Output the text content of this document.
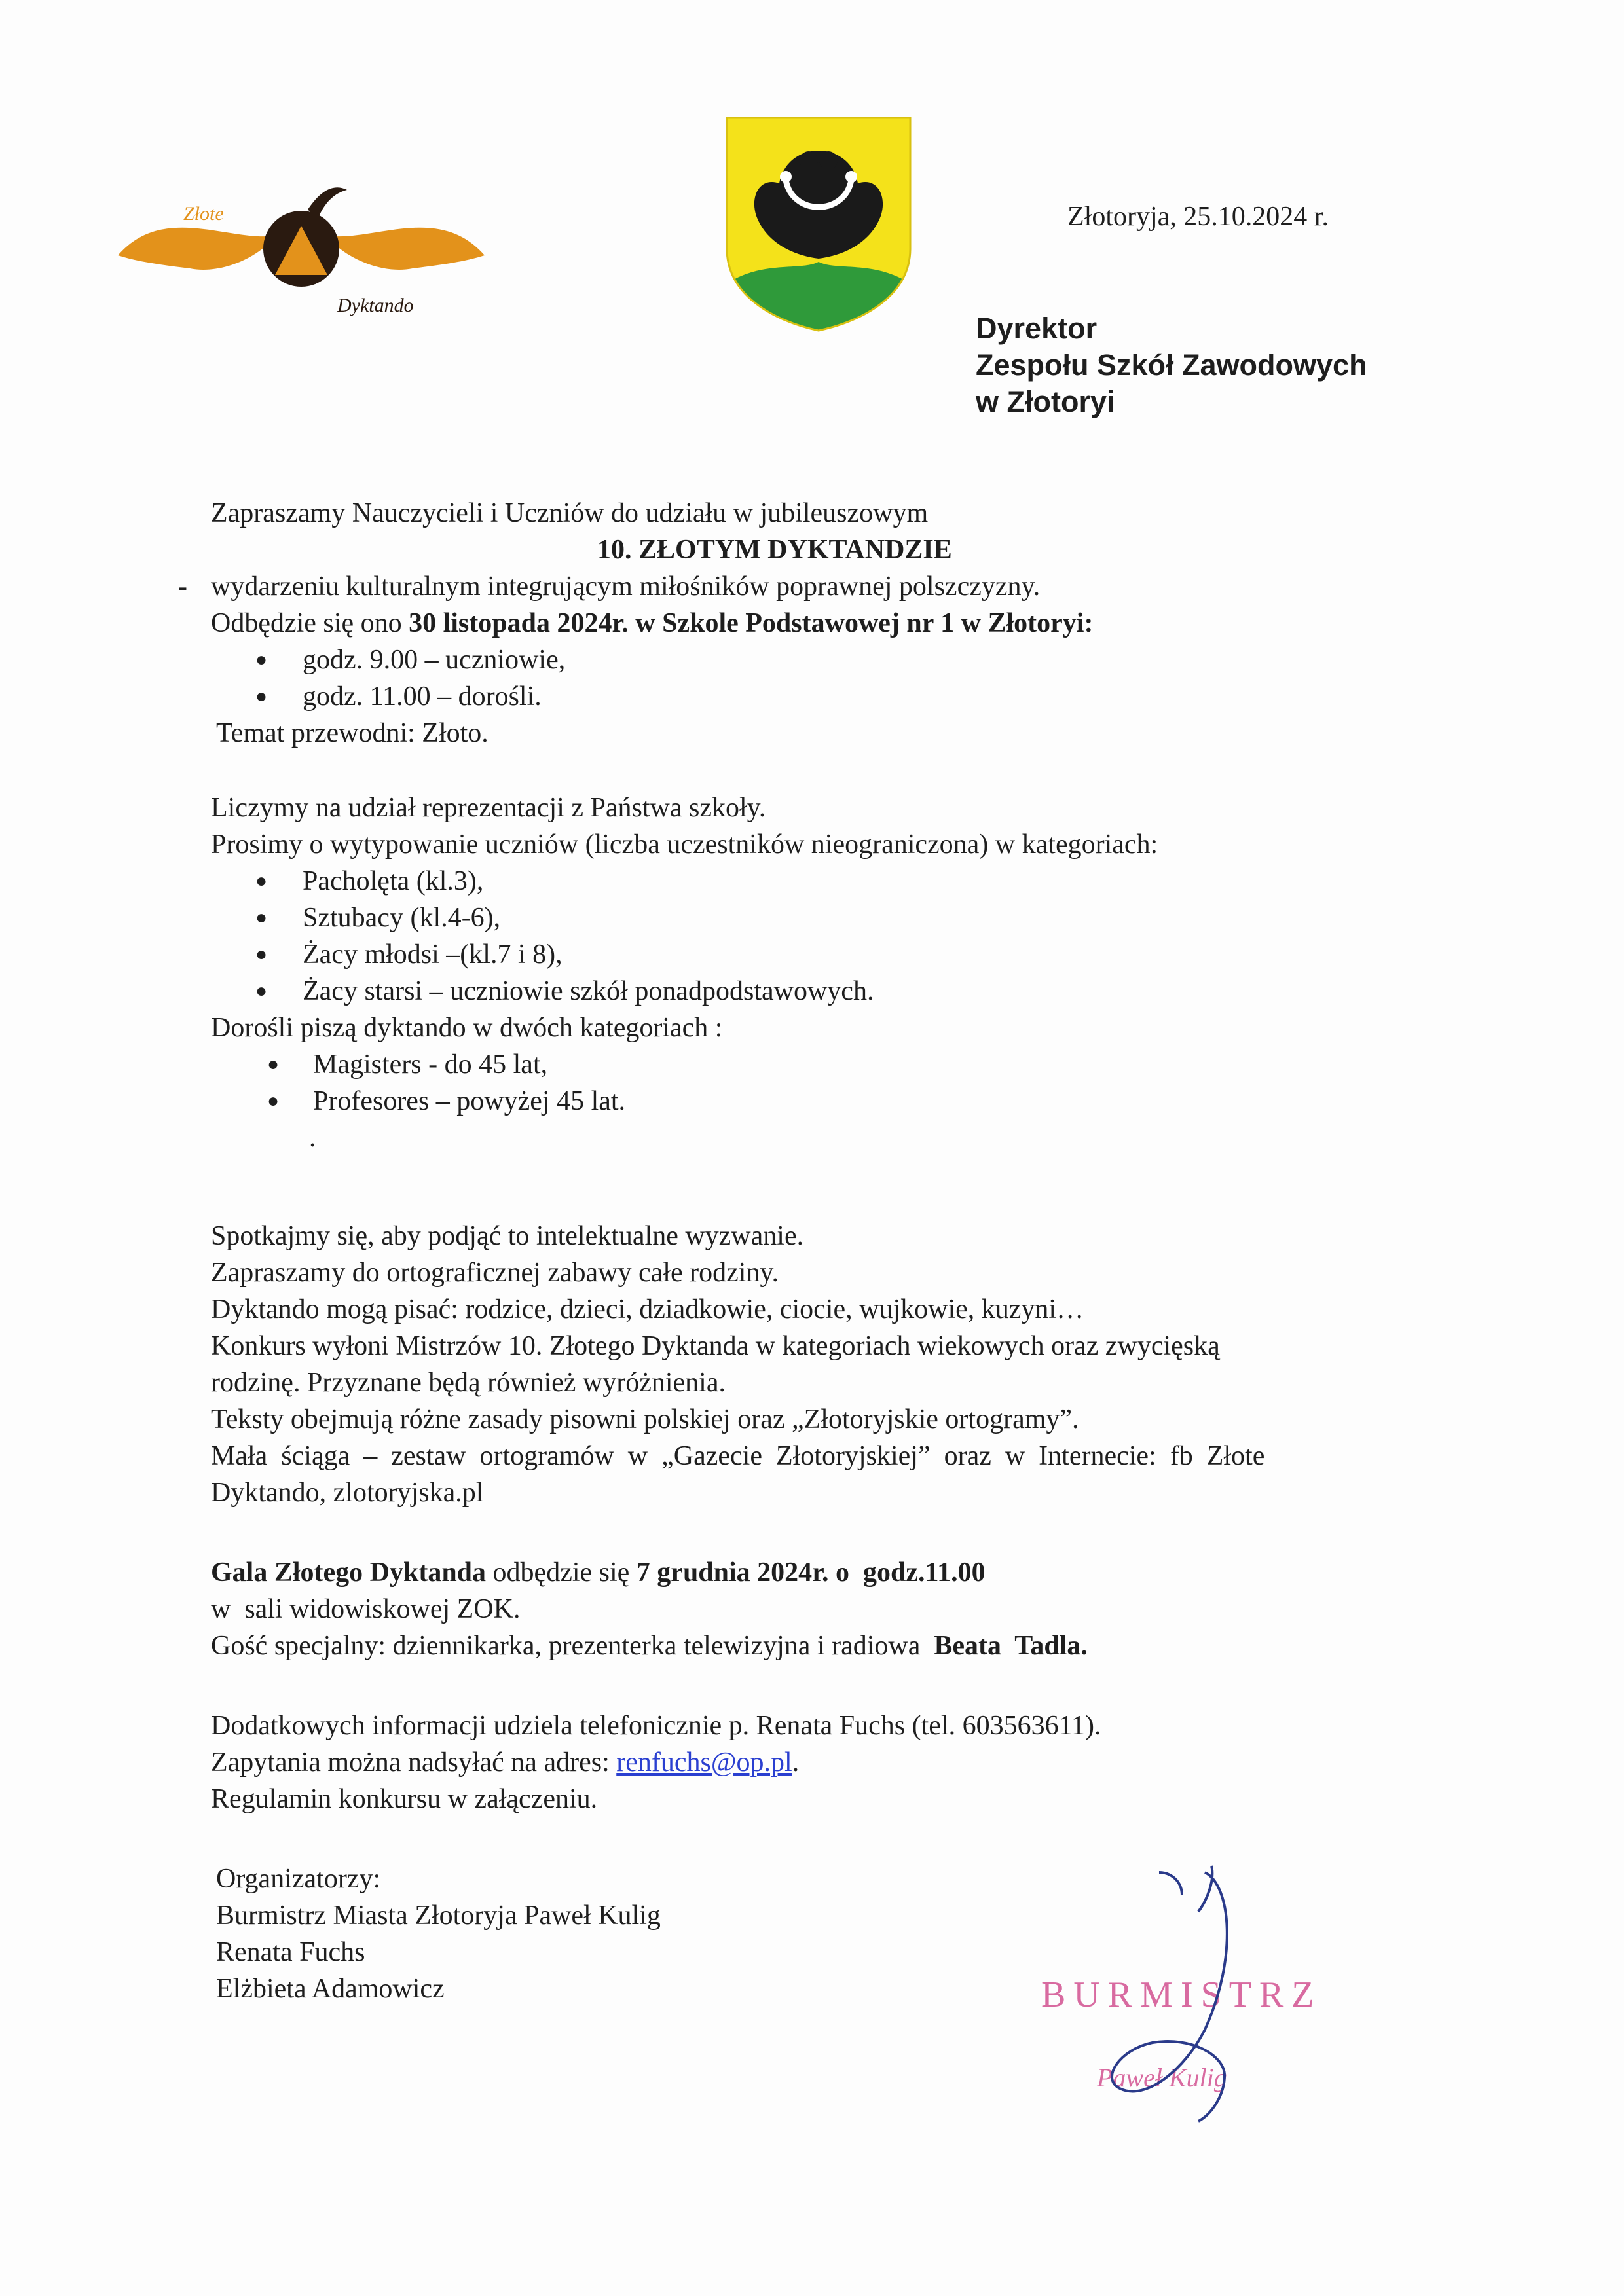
Złote
Dyktando
Złotoryja, 25.10.2024 r.
Dyrektor
Zespołu Szkół Zawodowych
w Złotoryi
Zapraszamy Nauczycieli i Uczniów do udziału w jubileuszowym
10. ZŁOTYM DYKTANDZIE
- wydarzeniu kulturalnym integrującym miłośników poprawnej polszczyzny.
Odbędzie się ono 30 listopada 2024r. w Szkole Podstawowej nr 1 w Złotoryi:
● godz. 9.00 – uczniowie,
● godz. 11.00 – dorośli.
Temat przewodni: Złoto.
Liczymy na udział reprezentacji z Państwa szkoły.
Prosimy o wytypowanie uczniów (liczba uczestników nieograniczona) w kategoriach:
● Pacholęta (kl.3),
● Sztubacy (kl.4-6),
● Żacy młodsi –(kl.7 i 8),
● Żacy starsi – uczniowie szkół ponadpodstawowych.
Dorośli piszą dyktando w dwóch kategoriach :
● Magisters - do 45 lat,
● Profesores – powyżej 45 lat.
.
Spotkajmy się, aby podjąć to intelektualne wyzwanie.
Zapraszamy do ortograficznej zabawy całe rodziny.
Dyktando mogą pisać: rodzice, dzieci, dziadkowie, ciocie, wujkowie, kuzyni…
Konkurs wyłoni Mistrzów 10. Złotego Dyktanda w kategoriach wiekowych oraz zwycięską
rodzinę. Przyznane będą również wyróżnienia.
Teksty obejmują różne zasady pisowni polskiej oraz „Złotoryjskie ortogramy”.
Mała  ściąga  –  zestaw  ortogramów  w  „Gazecie  Złotoryjskiej”  oraz  w  Internecie:  fb  Złote
Dyktando, zlotoryjska.pl
Gala Złotego Dyktanda odbędzie się 7 grudnia 2024r. o  godz.11.00
w  sali widowiskowej ZOK.
Gość specjalny: dziennikarka, prezenterka telewizyjna i radiowa  Beata  Tadla.
Dodatkowych informacji udziela telefonicznie p. Renata Fuchs (tel. 603563611).
Zapytania można nadsyłać na adres: renfuchs@op.pl.
Regulamin konkursu w załączeniu.
Organizatorzy:
Burmistrz Miasta Złotoryja Paweł Kulig
Renata Fuchs
Elżbieta Adamowicz	BURMISTRZ
Paweł Kulig
